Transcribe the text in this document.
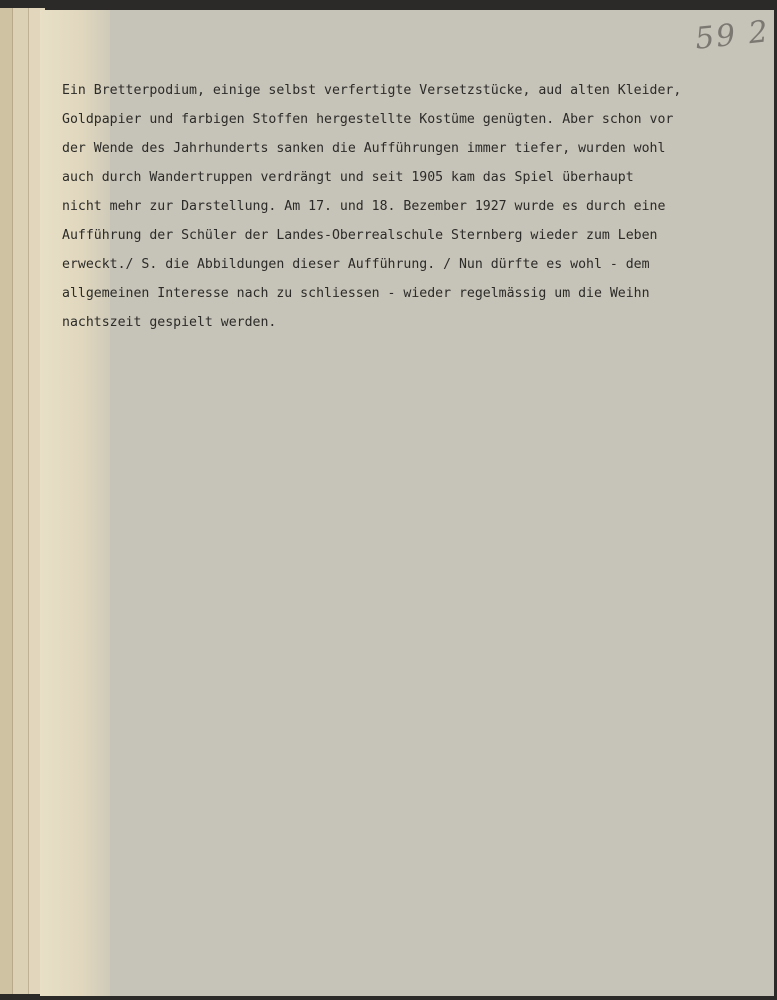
59 2
Ein Bretterpodium, einige selbst verfertigte Versetzstücke, aud alten Kleider,
Goldpapier und farbigen Stoffen hergestellte Kostüme genügten. Aber schon vor
der Wende des Jahrhunderts sanken die Aufführungen immer tiefer, wurden wohl
auch durch Wandertruppen verdrängt und seit 1905 kam das Spiel überhaupt
nicht mehr zur Darstellung. Am 17. und 18. Bezember 1927 wurde es durch eine
Aufführung der Schüler der Landes-Oberrealschule Sternberg wieder zum Leben
erweckt./ S. die Abbildungen dieser Aufführung. / Nun dürfte es wohl - dem
allgemeinen Interesse nach zu schliessen - wieder regelmässig um die Weihn
nachtszeit gespielt werden.
